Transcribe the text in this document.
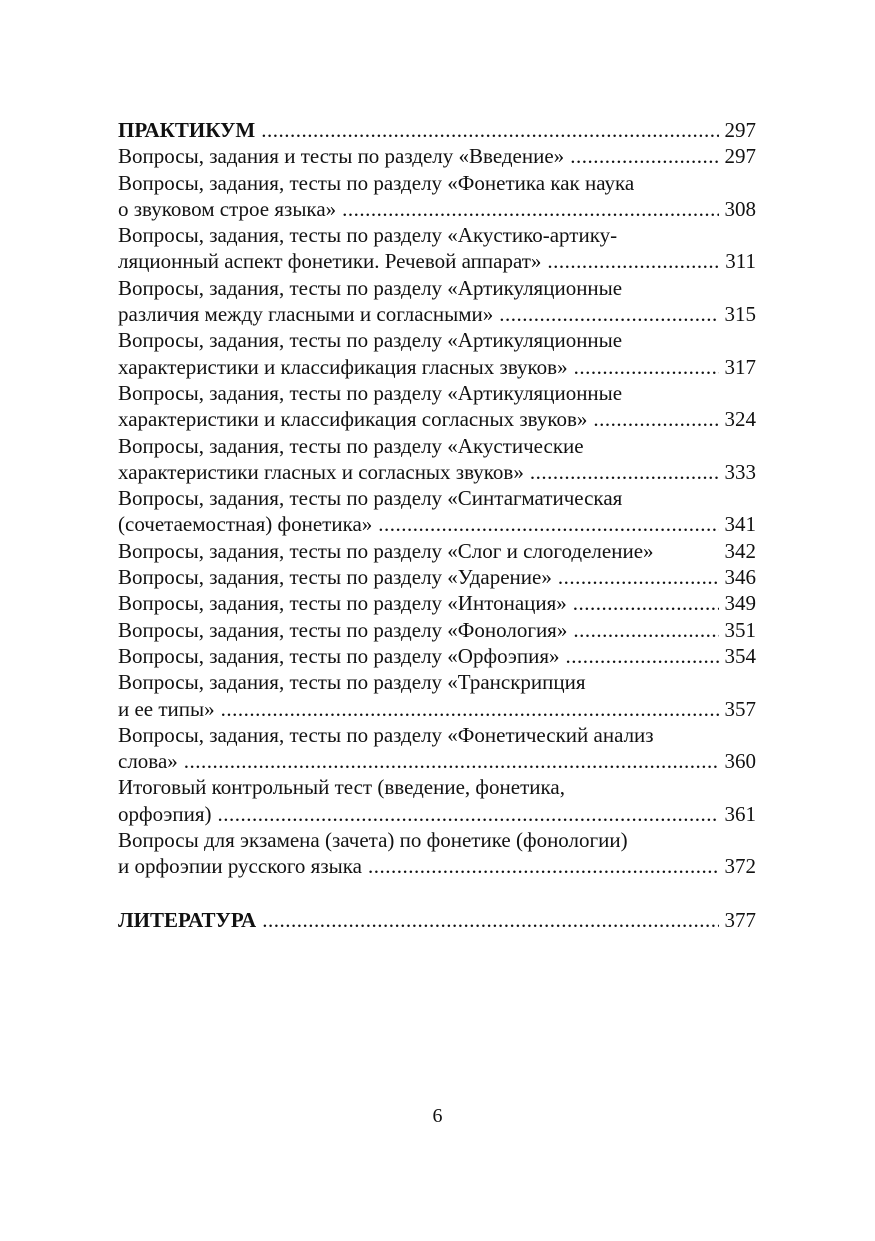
ПРАКТИКУМ .....	297
Вопросы, задания и тесты по разделу «Введение» .....	297
Вопросы, задания, тесты по разделу «Фонетика как наука
о звуковом строе языка» .....	308
Вопросы, задания, тесты по разделу «Акустико-артику-
ляционный аспект фонетики. Речевой аппарат» .....	311
Вопросы, задания, тесты по разделу «Артикуляционные
различия между гласными и согласными» .....	315
Вопросы, задания, тесты по разделу «Артикуляционные
характеристики и классификация гласных звуков» .....	317
Вопросы, задания, тесты по разделу «Артикуляционные
характеристики и классификация согласных звуков» .....	324
Вопросы, задания, тесты по разделу «Акустические
характеристики гласных и согласных звуков» .....	333
Вопросы, задания, тесты по разделу «Синтагматическая
(сочетаемостная) фонетика» .....	341
Вопросы, задания, тесты по разделу «Слог и слогоделение»	342
Вопросы, задания, тесты по разделу «Ударение» .....	346
Вопросы, задания, тесты по разделу «Интонация» .....	349
Вопросы, задания, тесты по разделу «Фонология» .....	351
Вопросы, задания, тесты по разделу «Орфоэпия» .....	354
Вопросы, задания, тесты по разделу «Транскрипция
и ее типы» .....	357
Вопросы, задания, тесты по разделу «Фонетический анализ
слова» .....	360
Итоговый контрольный тест (введение, фонетика,
орфоэпия) .....	361
Вопросы для экзамена (зачета) по фонетике (фонологии)
и орфоэпии русского языка .....	372
ЛИТЕРАТУРА .....	377
6
